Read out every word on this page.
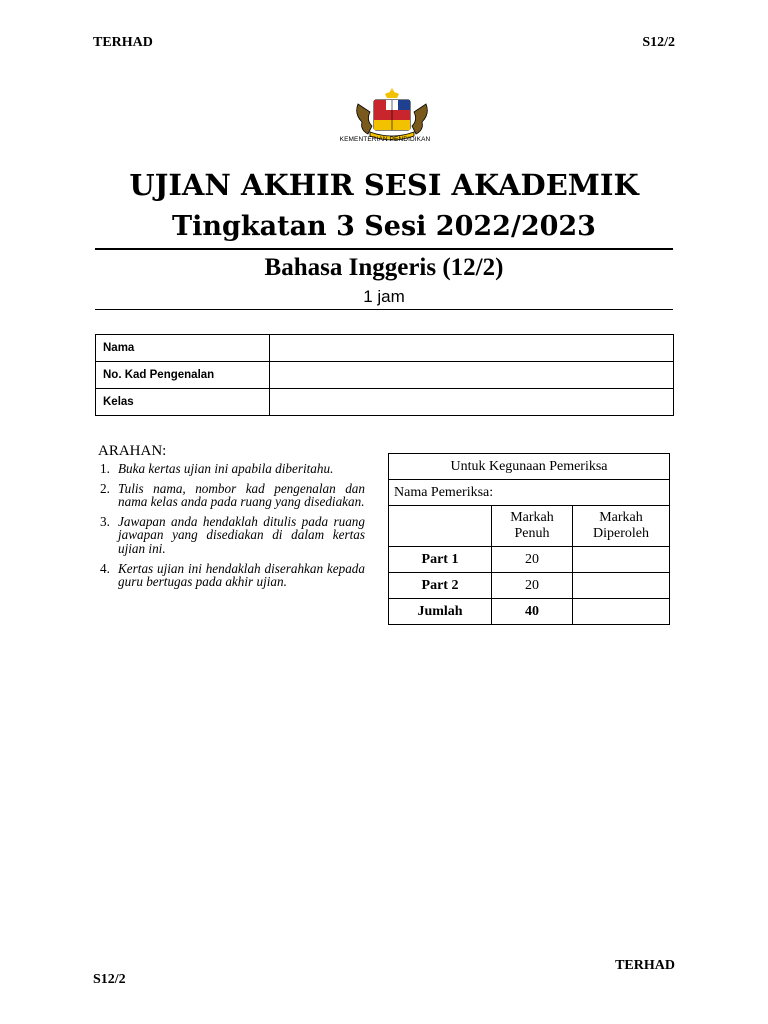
TERHAD	S12/2
KEMENTERIAN PENDIDIKAN
UJIAN AKHIR SESI AKADEMIK
Tingkatan 3 Sesi 2022/2023
Bahasa Inggeris (12/2)
1 jam
Nama	
No. Kad Pengenalan	
Kelas	
ARAHAN:
1. Buka kertas ujian ini apabila diberitahu.
2. Tulis nama, nombor kad pengenalan dan nama kelas anda pada ruang yang disediakan.
3. Jawapan anda hendaklah ditulis pada ruang jawapan yang disediakan di dalam kertas ujian ini.
4. Kertas ujian ini hendaklah diserahkan kepada guru bertugas pada akhir ujian.
Untuk Kegunaan Pemeriksa		
Nama Pemeriksa:		
	Markah Penuh	Markah Diperoleh
Part 1	20	
Part 2	20	
Jumlah	40	
TERHAD
S12/2
